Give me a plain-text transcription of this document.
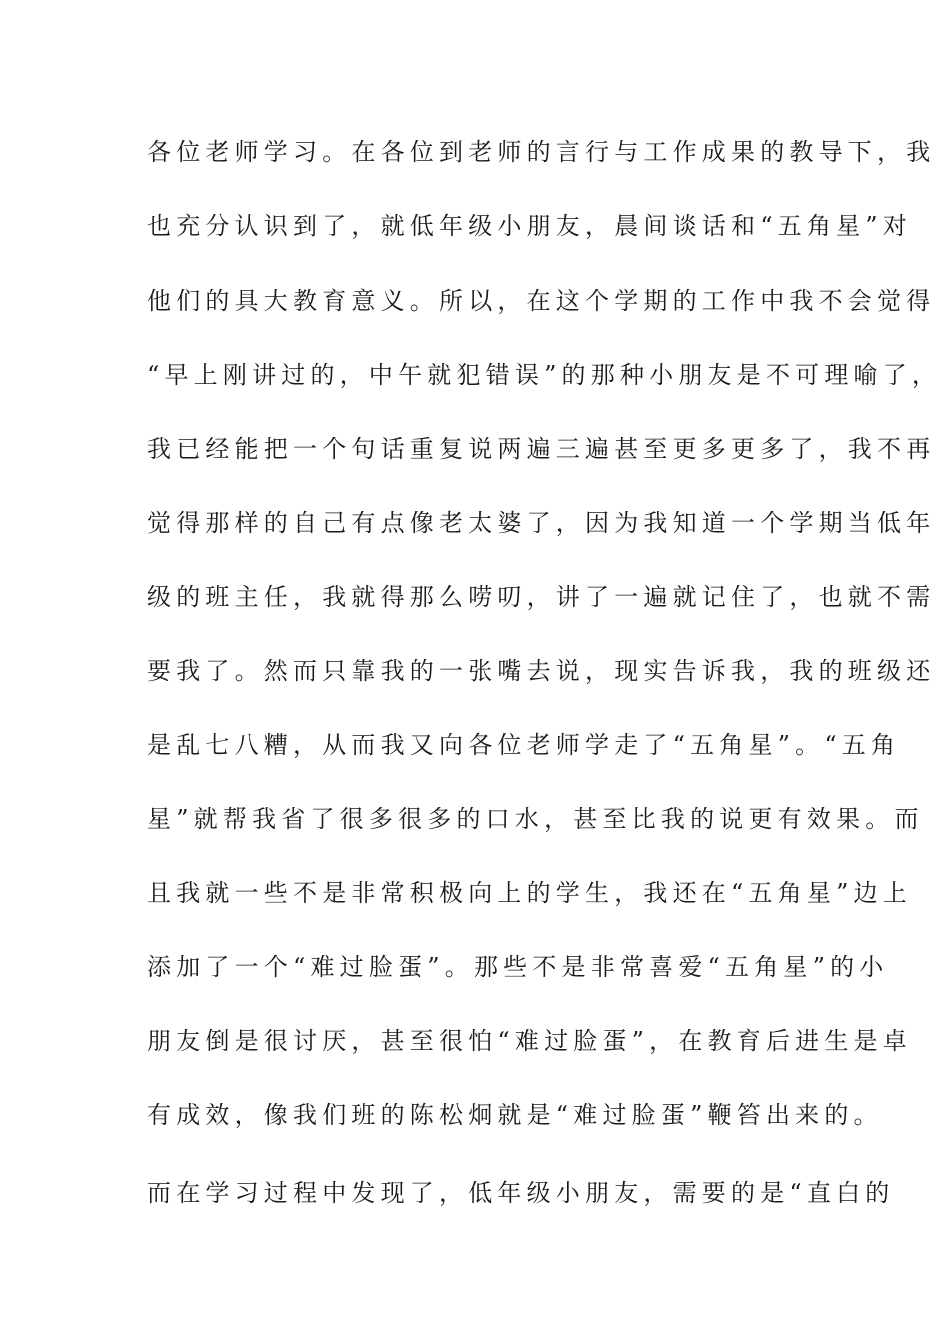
各位老师学习。在各位到老师的言行与工作成果的教导下，我
也充分认识到了，就低年级小朋友，晨间谈话和“五角星”对
他们的具大教育意义。所以，在这个学期的工作中我不会觉得
“早上刚讲过的，中午就犯错误”的那种小朋友是不可理喻了，
我已经能把一个句话重复说两遍三遍甚至更多更多了，我不再
觉得那样的自己有点像老太婆了，因为我知道一个学期当低年
级的班主任，我就得那么唠叨，讲了一遍就记住了，也就不需
要我了。然而只靠我的一张嘴去说，现实告诉我，我的班级还
是乱七八糟，从而我又向各位老师学走了“五角星”。“五角
星”就帮我省了很多很多的口水，甚至比我的说更有效果。而
且我就一些不是非常积极向上的学生，我还在“五角星”边上
添加了一个“难过脸蛋”。那些不是非常喜爱“五角星”的小
朋友倒是很讨厌，甚至很怕“难过脸蛋”，在教育后进生是卓
有成效，像我们班的陈松炯就是“难过脸蛋”鞭笞出来的。
而在学习过程中发现了，低年级小朋友，需要的是“直白的
